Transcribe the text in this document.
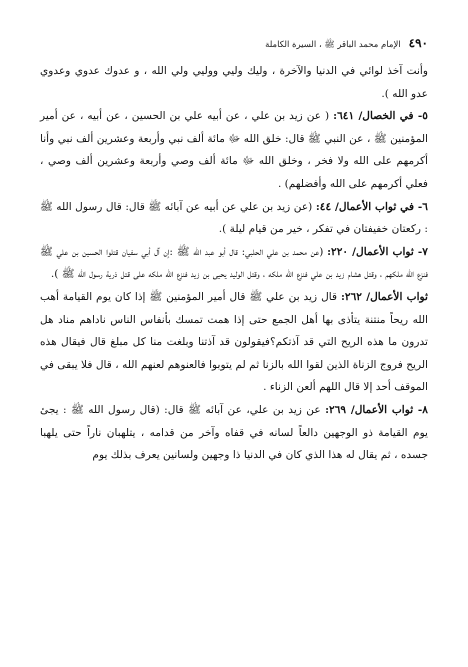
٤٩٠
الإمام محمد الباقر ﷺ ، السيرة الكاملة

وأنت آخذ لوائي في الدنيا والآخرة ، وليك وليي ووليي ولي الله ، و عدوك عدوي وعدوي عدو الله ).

٥- في الخصال/ ٦٤١: ( عن زيد بن علي ، عن أبيه علي بن الحسين ، عن أبيه ، عن أمير المؤمنين ﷺ ، عن النبي ﷺ قال: خلق الله ﷻ مائة ألف نبي وأربعة وعشرين ألف نبي وأنا أكرمهم على الله ولا فخر ، وخلق الله ﷻ مائة ألف وصي وأربعة وعشرين ألف وصي ، فعلي أكرمهم على الله وأفضلهم) .

٦- في ثواب الأعمال/ ٤٤: (عن زيد بن علي عن أبيه عن آبائه ﷺ قال: قال رسول الله ﷺ : ركعتان خفيفتان في تفكر ، خير من قيام ليلة ).

٧- ثواب الأعمال/ ٢٢٠: (عن محمد بن علي الحلبي: قال أبو عبد الله ﷺ :إن آل أبي سفيان قتلوا الحسين بن علي ﷺ فنزع الله ملكهم ، وقتل هشام زيد بن علي فنزع الله ملكه ، وقتل الوليد يحيى بن زيد فنزع الله ملكه على قتل ذرية رسول الله ﷺ ).

ثواب الأعمال/ ٢٦٢: قال زيد بن علي ﷺ قال أمير المؤمنين ﷺ إذا كان يوم القيامة أهب الله ريحاً منتنة يتأذى بها أهل الجمع حتى إذا همت تمسك بأنفاس الناس ناداهم مناد هل تدرون ما هذه الريح التي قد آذتكم؟فيقولون قد آذتنا وبلغت منا كل مبلغ قال فيقال هذه الريح فروج الزناة الذين لقوا الله بالزنا ثم لم يتوبوا فالعنوهم لعنهم الله ، قال فلا يبقى في الموقف أحد إلا قال اللهم ألعن الزناء .

٨- ثواب الأعمال/ ٢٦٩: عن زيد بن علي، عن آبائه ﷺ قال: (قال رسول الله ﷺ : يجئ يوم القيامة ذو الوجهين دالعاً لسانه في قفاه وآخر من قدامه ، يتلهبان ناراً حتى يلهبا جسده ، ثم يقال له هذا الذي كان في الدنيا ذا وجهين ولسانين يعرف بذلك يوم
